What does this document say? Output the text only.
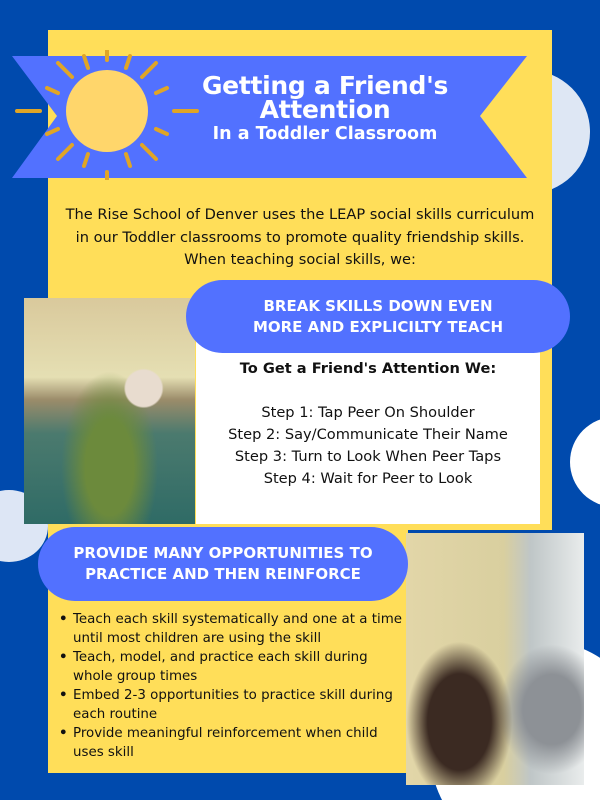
Getting a Friend's
Attention
In a Toddler Classroom
The Rise School of Denver uses the LEAP social skills curriculum in our Toddler classrooms to promote quality friendship skills. When teaching social skills, we:
BREAK SKILLS DOWN EVEN
MORE AND EXPLICILTY TEACH
To Get a Friend's Attention We:
Step 1: Tap Peer On Shoulder
Step 2: Say/Communicate Their Name
Step 3: Turn to Look When Peer Taps
Step 4: Wait for Peer to Look
PROVIDE MANY OPPORTUNITIES TO
PRACTICE AND THEN REINFORCE
• Teach each skill systematically and one at a time until most children are using the skill
• Teach, model, and practice each skill during whole group times
• Embed 2-3 opportunities to practice skill during each routine
• Provide meaningful reinforcement when child uses skill
